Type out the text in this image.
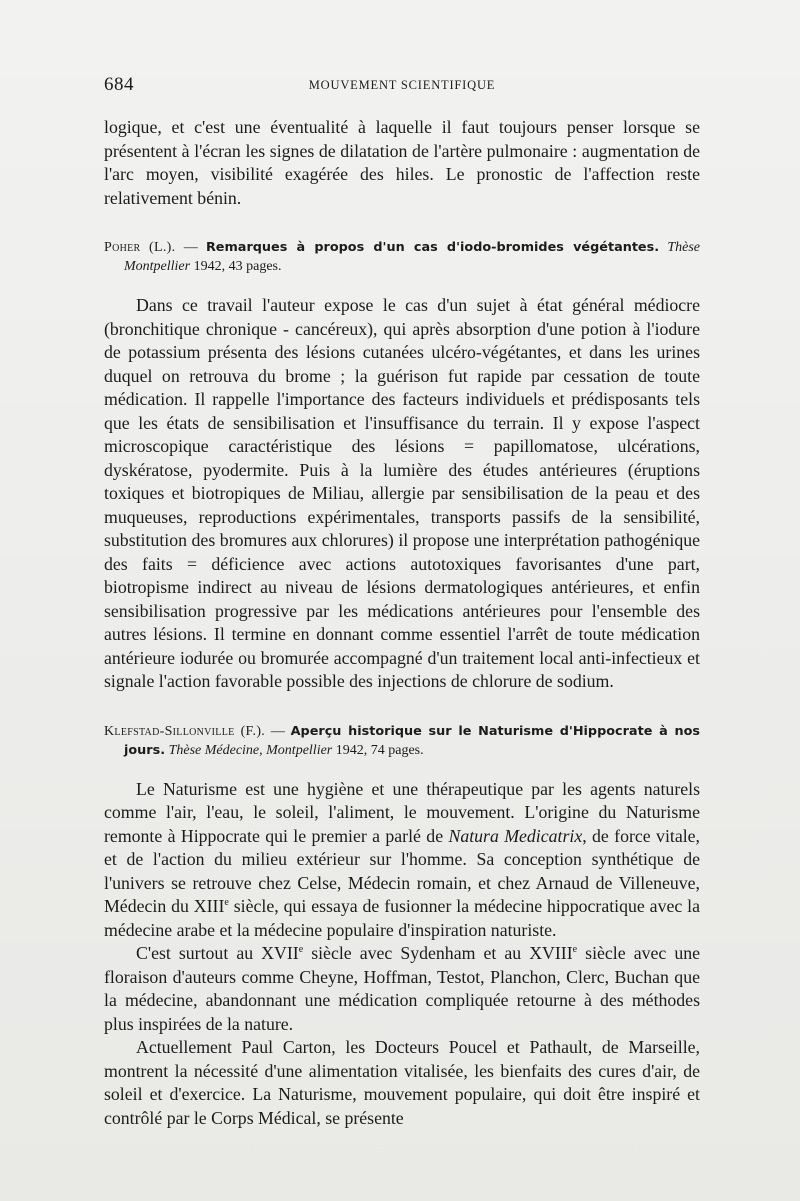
684	MOUVEMENT SCIENTIFIQUE

logique, et c'est une éventualité à laquelle il faut toujours penser lorsque se présentent à l'écran les signes de dilatation de l'artère pulmonaire : augmentation de l'arc moyen, visibilité exagérée des hiles. Le pronostic de l'affection reste relativement bénin.

Poher (L.). — Remarques à propos d'un cas d'iodo-bromides végétantes. Thèse Montpellier 1942, 43 pages.

Dans ce travail l'auteur expose le cas d'un sujet à état général médiocre (bronchitique chronique - cancéreux), qui après absorption d'une potion à l'iodure de potassium présenta des lésions cutanées ulcéro-végétantes, et dans les urines duquel on retrouva du brome ; la guérison fut rapide par cessation de toute médication. Il rappelle l'importance des facteurs individuels et prédisposants tels que les états de sensibilisation et l'insuffisance du terrain. Il y expose l'aspect microscopique caractéristique des lésions = papillomatose, ulcérations, dyskératose, pyodermite. Puis à la lumière des études antérieures (éruptions toxiques et biotropiques de Miliau, allergie par sensibilisation de la peau et des muqueuses, reproductions expérimentales, transports passifs de la sensibilité, substitution des bromures aux chlorures) il propose une interprétation pathogénique des faits = déficience avec actions autotoxiques favorisantes d'une part, biotropisme indirect au niveau de lésions dermatologiques antérieures, et enfin sensibilisation progressive par les médications antérieures pour l'ensemble des autres lésions. Il termine en donnant comme essentiel l'arrêt de toute médication antérieure iodurée ou bromurée accompagné d'un traitement local anti-infectieux et signale l'action favorable possible des injections de chlorure de sodium.

Klefstad-Sillonville (F.). — Aperçu historique sur le Naturisme d'Hippocrate à nos jours. Thèse Médecine, Montpellier 1942, 74 pages.

Le Naturisme est une hygiène et une thérapeutique par les agents naturels comme l'air, l'eau, le soleil, l'aliment, le mouvement. L'origine du Naturisme remonte à Hippocrate qui le premier a parlé de Natura Medicatrix, de force vitale, et de l'action du milieu extérieur sur l'homme. Sa conception synthétique de l'univers se retrouve chez Celse, Médecin romain, et chez Arnaud de Villeneuve, Médecin du XIIIe siècle, qui essaya de fusionner la médecine hippocratique avec la médecine arabe et la médecine populaire d'inspiration naturiste.

C'est surtout au XVIIe siècle avec Sydenham et au XVIIIe siècle avec une floraison d'auteurs comme Cheyne, Hoffman, Testot, Planchon, Clerc, Buchan que la médecine, abandonnant une médication compliquée retourne à des méthodes plus inspirées de la nature.

Actuellement Paul Carton, les Docteurs Poucel et Pathault, de Marseille, montrent la nécessité d'une alimentation vitalisée, les bienfaits des cures d'air, de soleil et d'exercice. La Naturisme, mouvement populaire, qui doit être inspiré et contrôlé par le Corps Médical, se présente
